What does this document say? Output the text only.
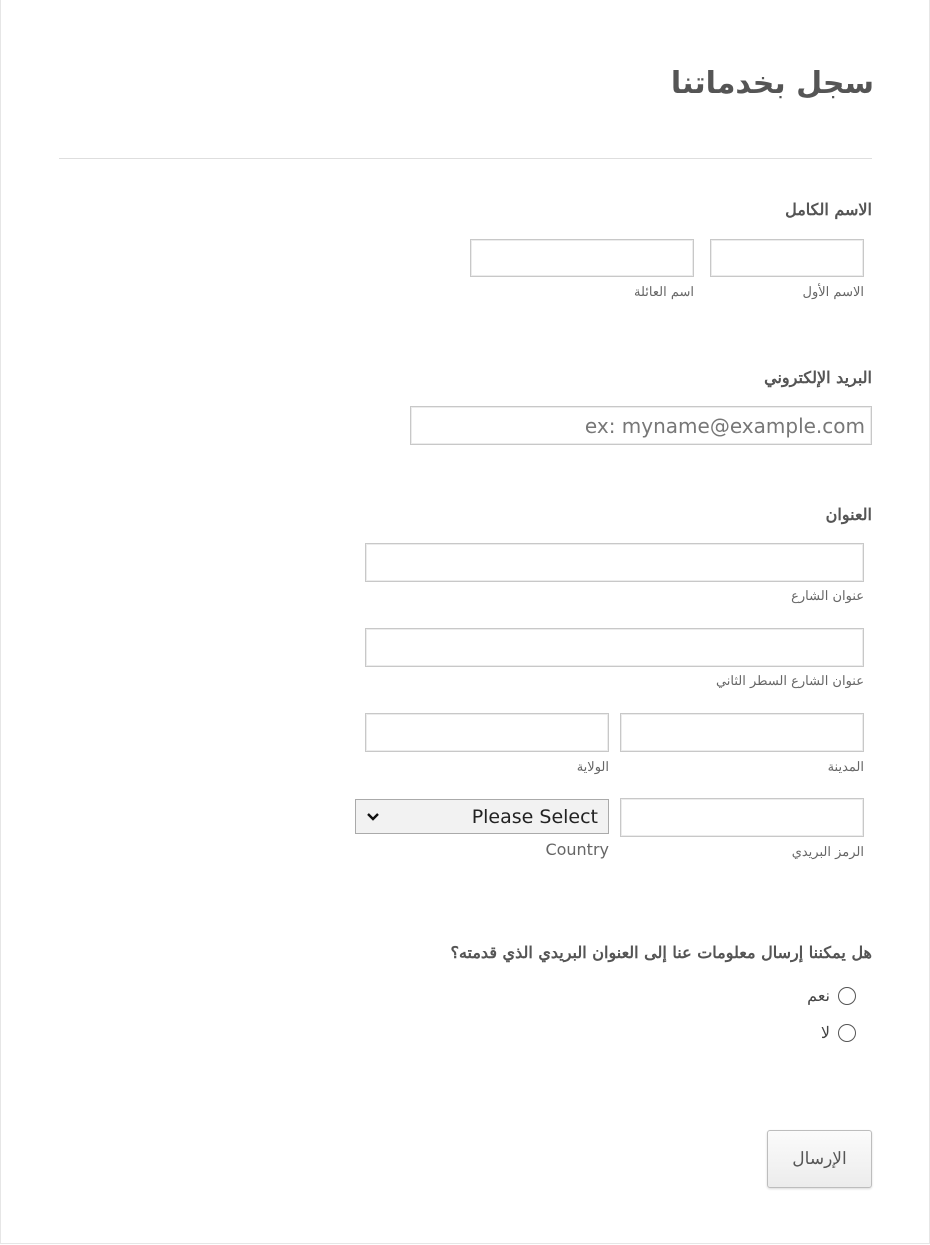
سجل بخدماتنا
الاسم الكامل
الاسم الأول
اسم العائلة
البريد الإلكتروني
ex: myname@example.com
العنوان
عنوان الشارع
عنوان الشارع السطر الثاني
المدينة
الولاية
الرمز البريدي
Please Select
Country
هل يمكننا إرسال معلومات عنا إلى العنوان البريدي الذي قدمته؟
نعم
لا
الإرسال
